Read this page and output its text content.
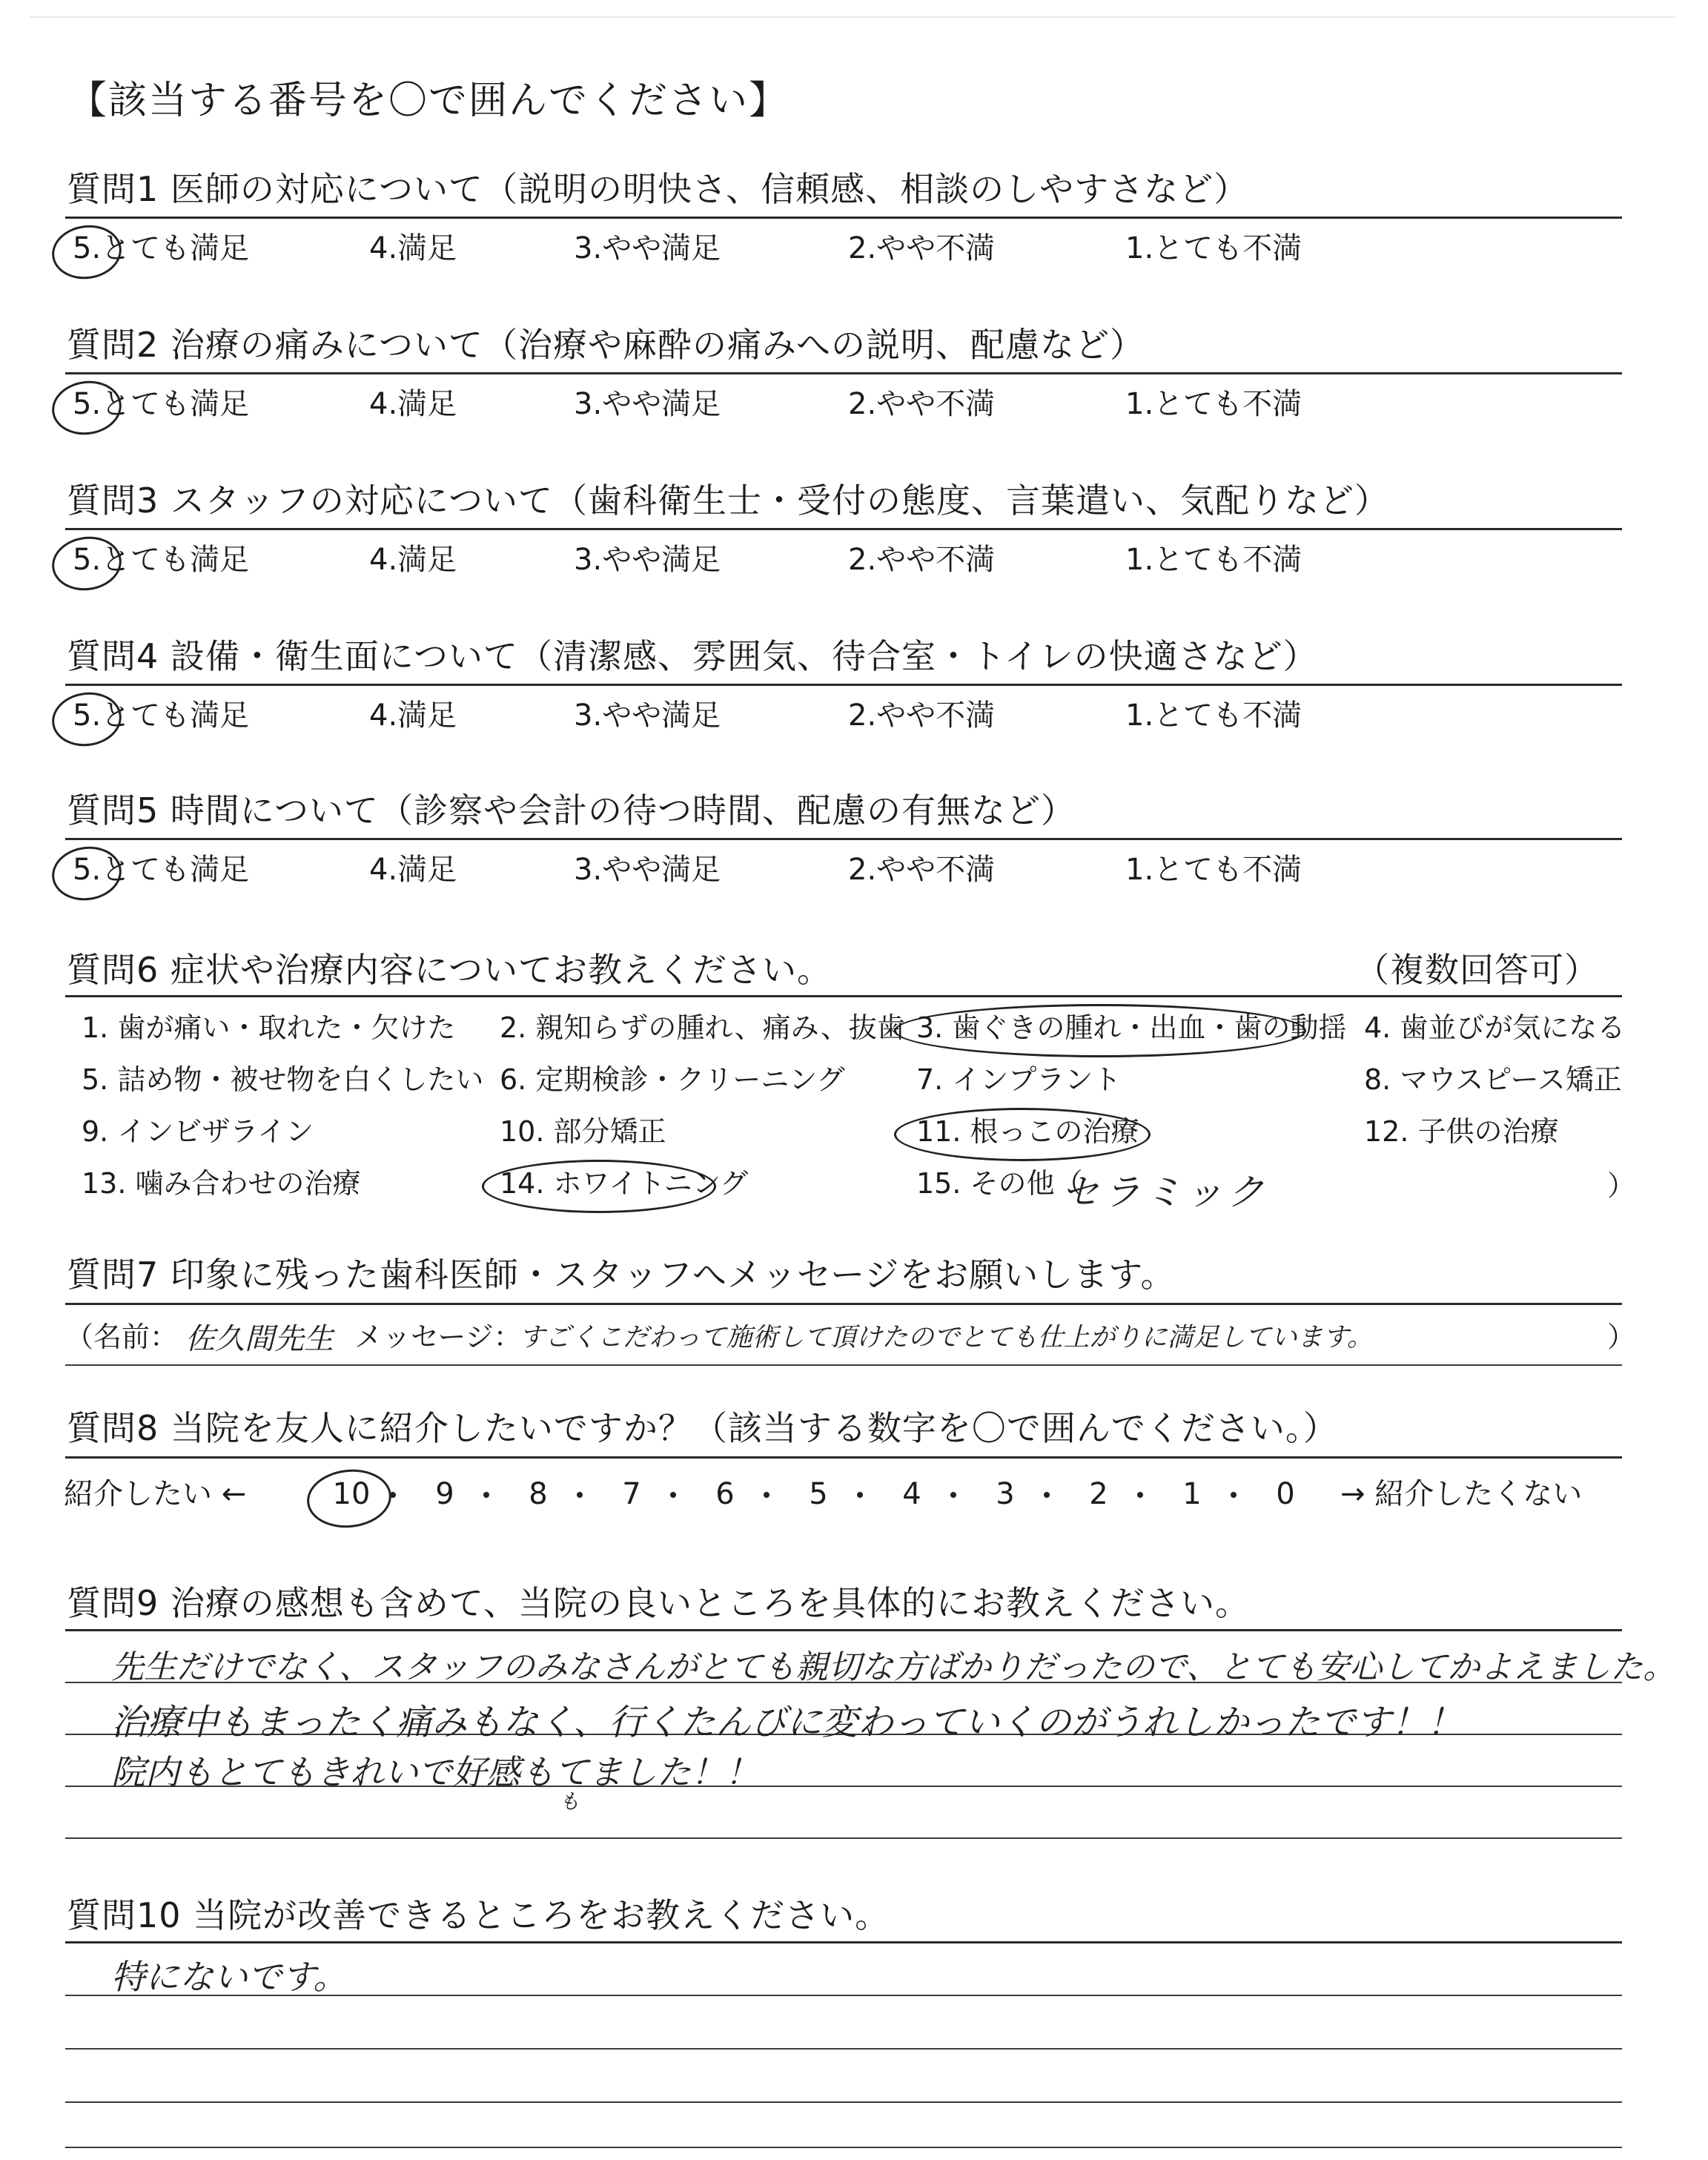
【該当する番号を〇で囲んでください】
質問1 医師の対応について（説明の明快さ、信頼感、相談のしやすさなど）
5.とても満足	4.満足	3.やや満足	2.やや不満	1.とても不満
質問2 治療の痛みについて（治療や麻酔の痛みへの説明、配慮など）
5.とても満足	4.満足	3.やや満足	2.やや不満	1.とても不満
質問3 スタッフの対応について（歯科衛生士・受付の態度、言葉遣い、気配りなど）
5.とても満足	4.満足	3.やや満足	2.やや不満	1.とても不満
質問4 設備・衛生面について（清潔感、雰囲気、待合室・トイレの快適さなど）
5.とても満足	4.満足	3.やや満足	2.やや不満	1.とても不満
質問5 時間について（診察や会計の待つ時間、配慮の有無など）
5.とても満足	4.満足	3.やや満足	2.やや不満	1.とても不満
質問6 症状や治療内容についてお教えください。	（複数回答可）
1. 歯が痛い・取れた・欠けた 2. 親知らずの腫れ、痛み、抜歯 3. 歯ぐきの腫れ・出血・歯の動揺 4. 歯並びが気になる
5. 詰め物・被せ物を白くしたい 6. 定期検診・クリーニング	7. インプラント	8. マウスピース矯正
9. インビザライン	10. 部分矯正	11. 根っこの治療	12. 子供の治療
13. 噛み合わせの治療	14. ホワイトニング	15. その他（
セラミック	）
質問7 印象に残った歯科医師・スタッフへメッセージをお願いします。
（名前： 佐久間先生 メッセージ：
すごくこだわって施術して頂けたのでとても仕上がりに満足しています。	）
質問8 当院を友人に紹介したいですか？（該当する数字を〇で囲んでください。）
紹介したい ←	10	9	8	7	6	5	4	3	2	1	0	→ 紹介したくない
質問9 治療の感想も含めて、当院の良いところを具体的にお教えください。
先生だけでなく、スタッフのみなさんがとても親切な方ばかりだったので、とても安心してかよえました。
治療中もまったく痛みもなく、行くたんびに変わっていくのがうれしかったです！！
院内もとてもきれいで好感もてました！！
も
質問10 当院が改善できるところをお教えください。
特にないです。
